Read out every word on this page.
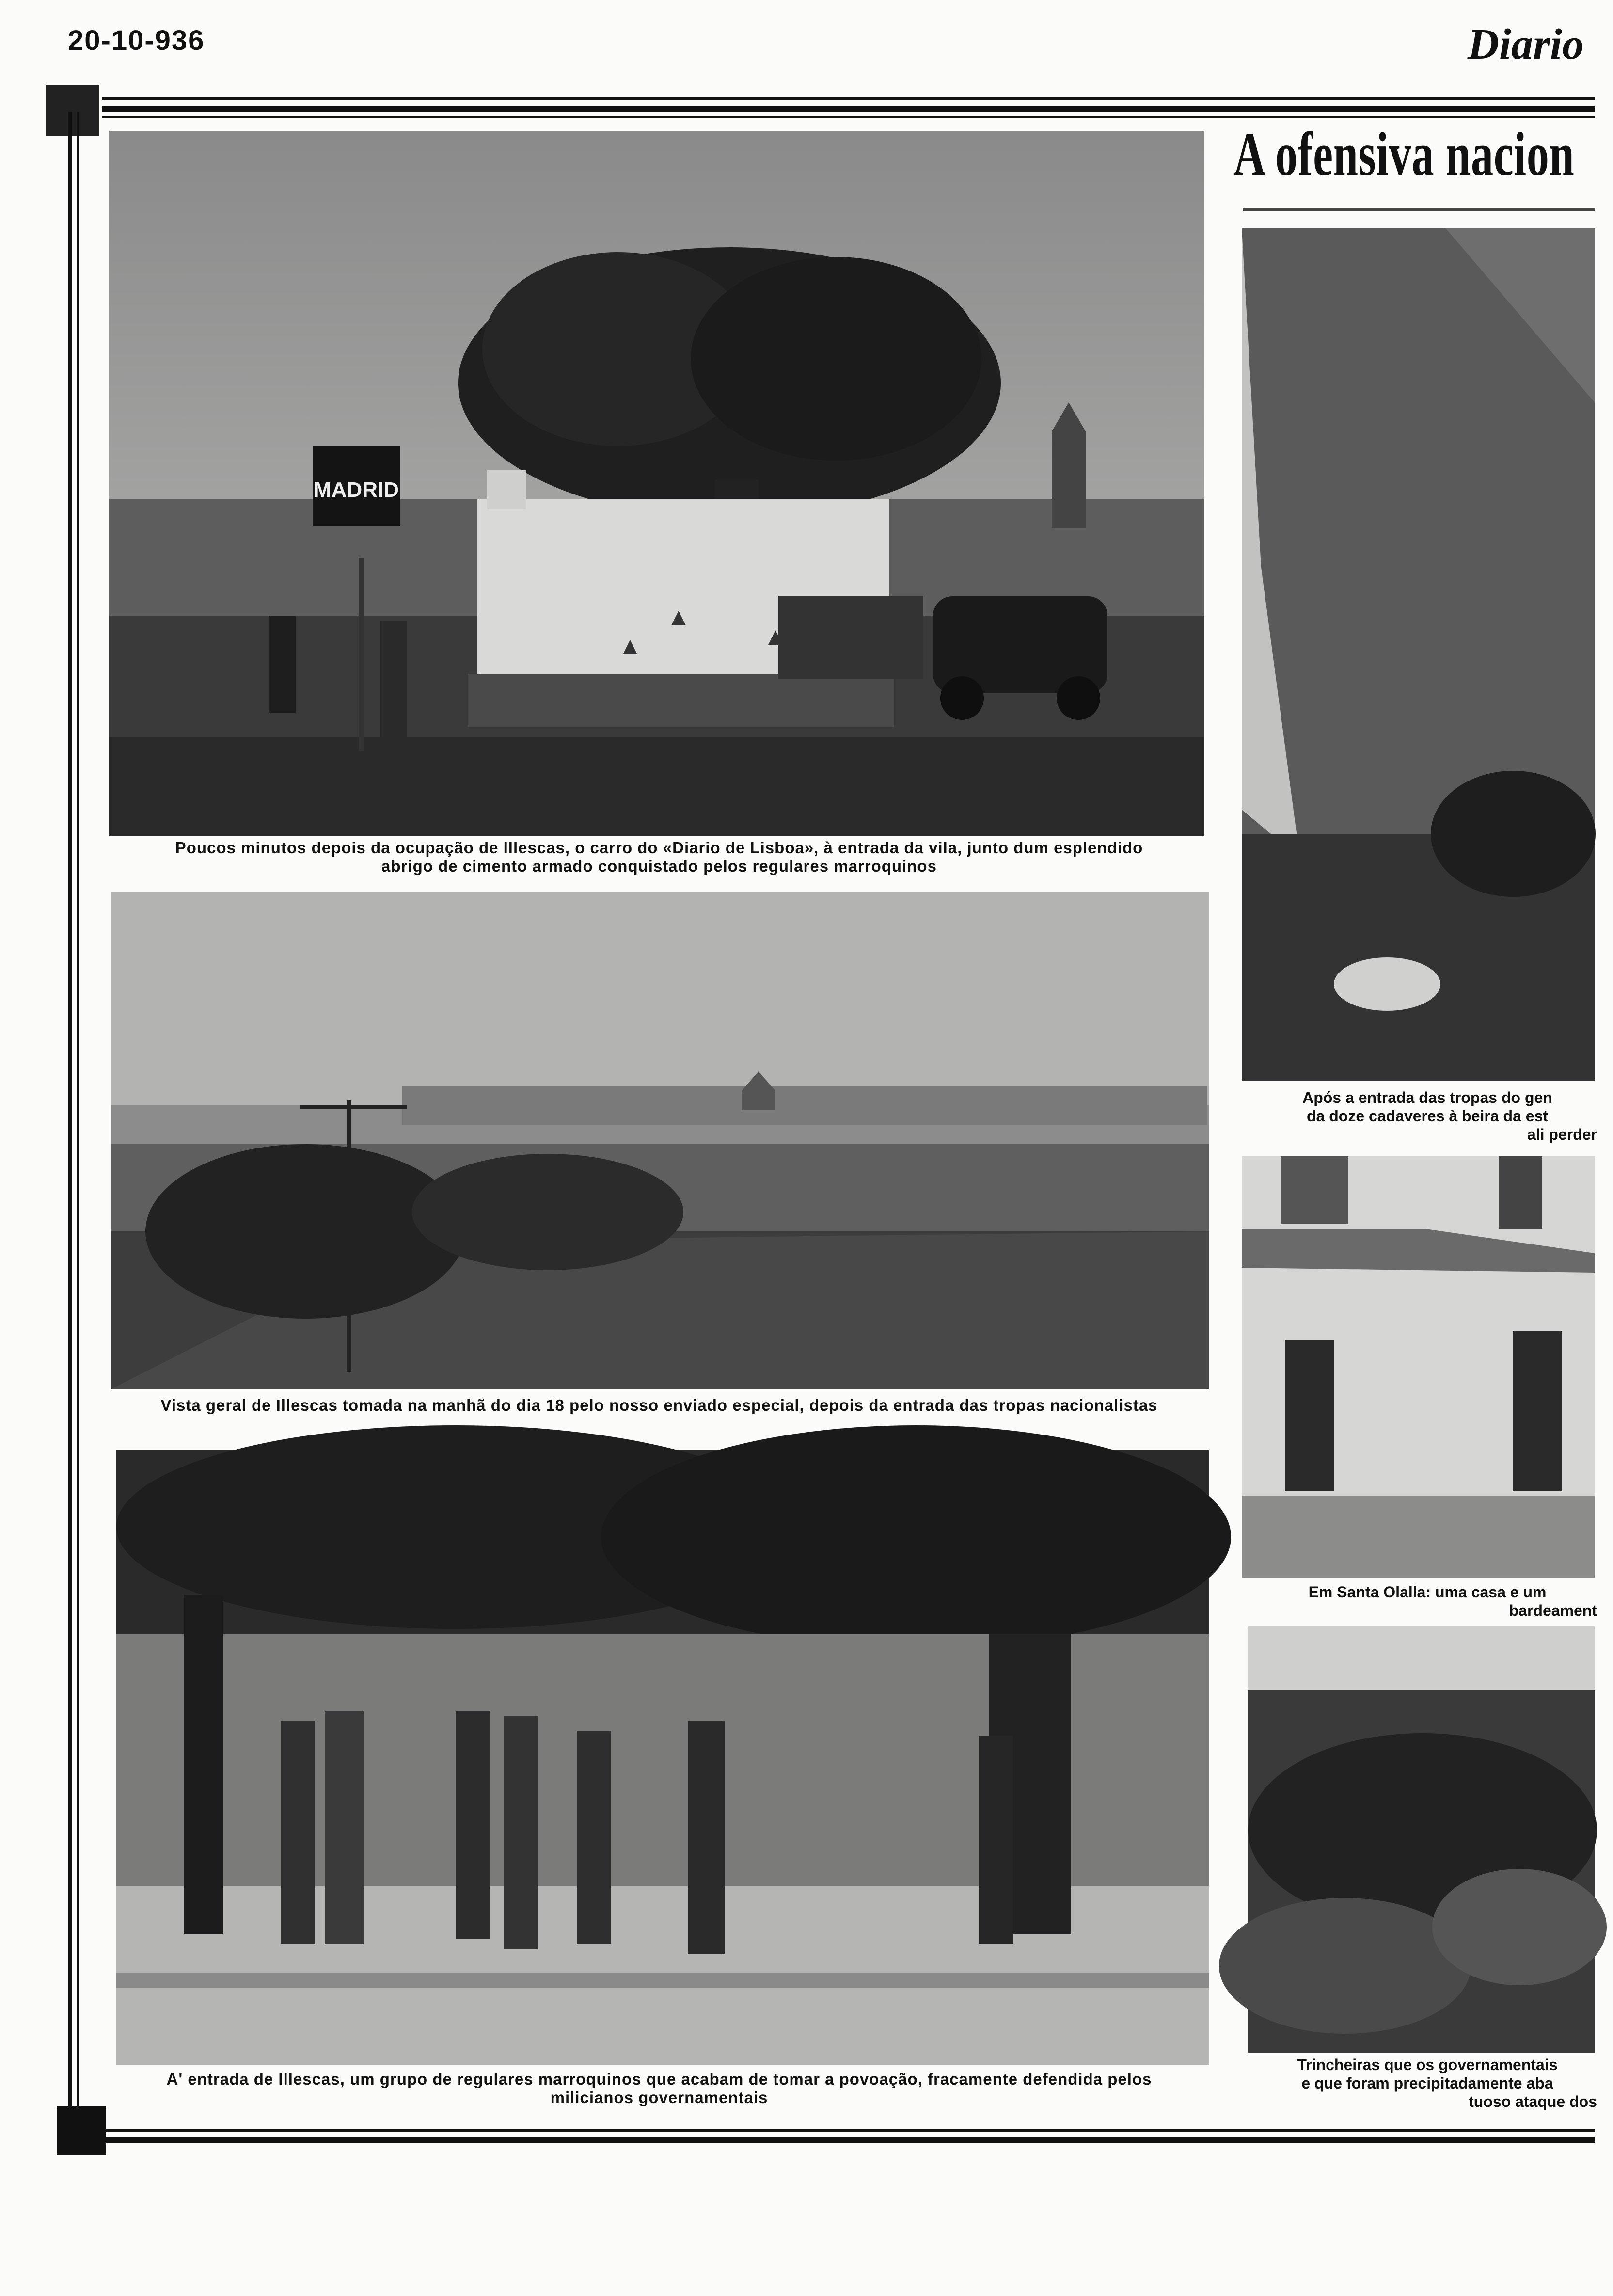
20-10-936	Diario
A ofensiva nacion
MADRID
Poucos minutos depois da ocupação de Illescas, o carro do «Diario de Lisboa», à entrada da vila, junto dum esplendido abrigo de cimento armado conquistado pelos regulares marroquinos
Vista geral de Illescas tomada na manhã do dia 18 pelo nosso enviado especial, depois da entrada das tropas nacionalistas
A' entrada de Illescas, um grupo de regulares marroquinos que acabam de tomar a povoação, fracamente defendida pelos milicianos governamentais
Após a entrada das tropas do gen
da doze cadaveres à beira da est
ali perder
Em Santa Olalla: uma casa e um
bardeament
Trincheiras que os governamentais
e que foram precipitadamente aba
tuoso ataque dos
